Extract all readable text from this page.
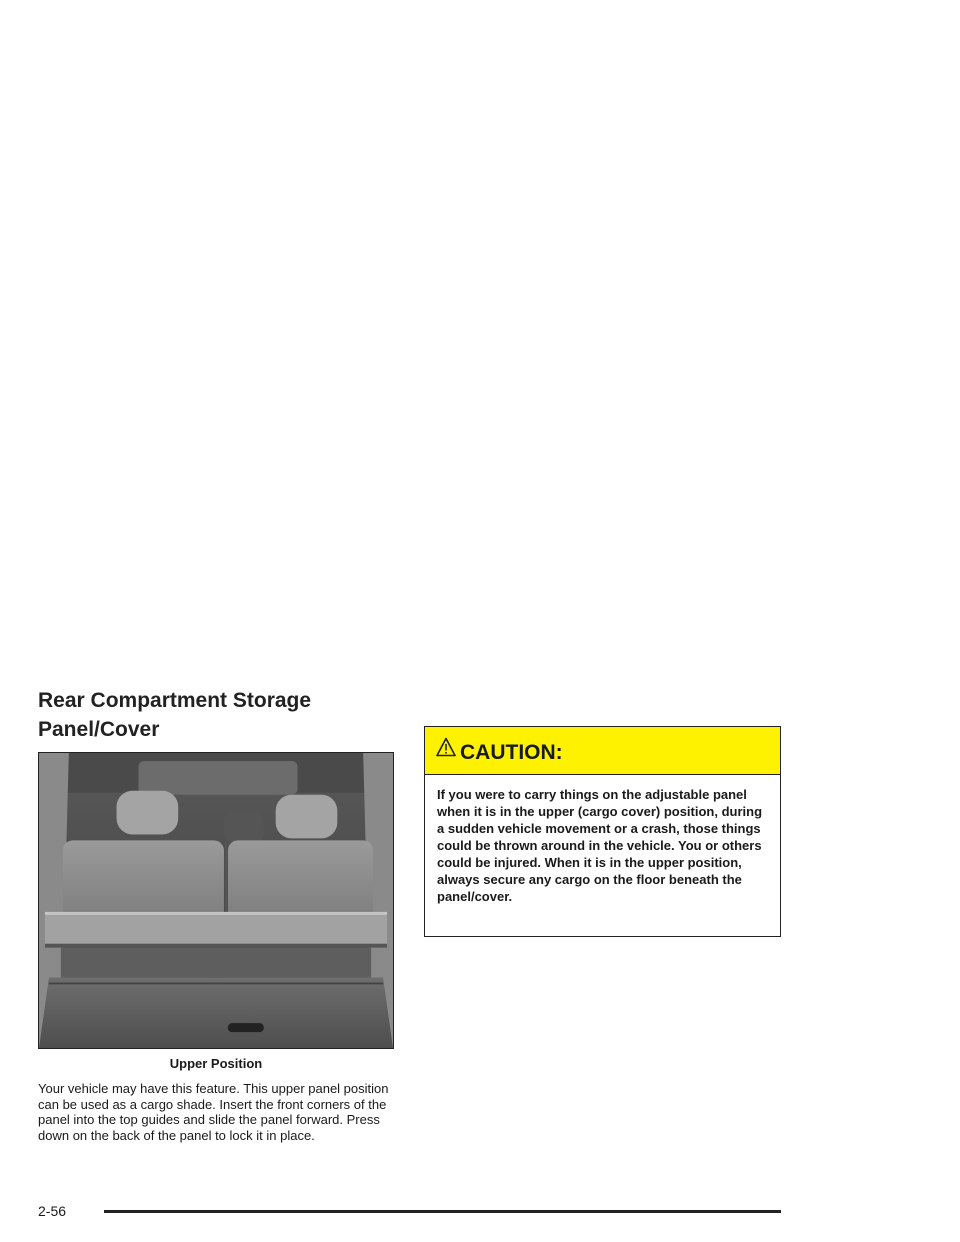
Rear Compartment Storage
Panel/Cover
Upper Position

Your vehicle may have this feature. This upper panel position can be used as a cargo shade. Insert the front corners of the panel into the top guides and slide the panel forward. Press down on the back of the panel to lock it in place.

CAUTION:

If you were to carry things on the adjustable panel when it is in the upper (cargo cover) position, during a sudden vehicle movement or a crash, those things could be thrown around in the vehicle. You or others could be injured. When it is in the upper position, always secure any cargo on the floor beneath the panel/cover.

2-56
